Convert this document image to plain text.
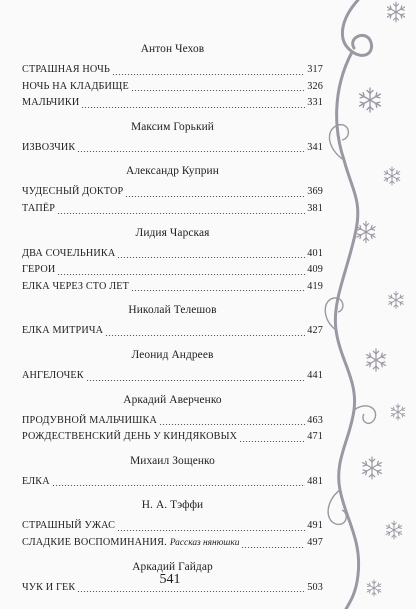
Антон Чехов
СТРАШНАЯ НОЧЬ	317
НОЧЬ НА КЛАДБИЩЕ	326
МАЛЬЧИКИ	331
Максим Горький
ИЗВОЗЧИК	341
Александр Куприн
ЧУДЕСНЫЙ ДОКТОР	369
ТАПЁР	381
Лидия Чарская
ДВА СОЧЕЛЬНИКА	401
ГЕРОИ	409
ЕЛКА ЧЕРЕЗ СТО ЛЕТ	419
Николай Телешов
ЕЛКА МИТРИЧА	427
Леонид Андреев
АНГЕЛОЧЕК	441
Аркадий Аверченко
ПРОДУВНОЙ МАЛЬЧИШКА	463
РОЖДЕСТВЕНСКИЙ ДЕНЬ У КИНДЯКОВЫХ	471
Михаил Зощенко
ЕЛКА	481
Н. А. Тэффи
СТРАШНЫЙ УЖАС	491
СЛАДКИЕ ВОСПОМИНАНИЯ. Рассказ нянюшки	497
Аркадий Гайдар
ЧУК И ГЕК	503
541
